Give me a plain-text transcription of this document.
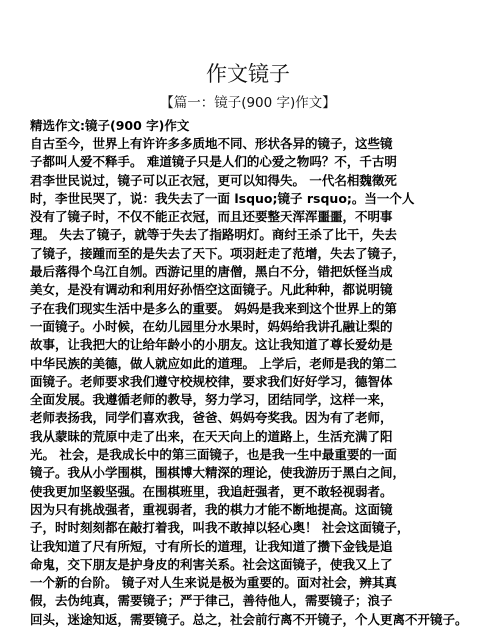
作文镜子
【篇一：镜子(900 字)作文】
精选作文:镜子(900 字)作文
自古至今，世界上有许许多多质地不同、形状各异的镜子，这些镜
子都叫人爱不释手。 难道镜子只是人们的心爱之物吗？不，千古明
君李世民说过，镜子可以正衣冠，更可以知得失。 一代名相魏徵死
时，李世民哭了，说：我失去了一面 lsquo;镜子 rsquo;。当一个人
没有了镜子时，不仅不能正衣冠，而且还要整天浑浑噩噩，不明事
理。 失去了镜子，就等于失去了指路明灯。商纣王杀了比干，失去
了镜子，接踵而至的是失去了天下。项羽赶走了范增，失去了镜子，
最后落得个乌江自刎。西游记里的唐僧，黑白不分，错把妖怪当成
美女，是没有调动和利用好孙悟空这面镜子。凡此种种，都说明镜
子在我们现实生活中是多么的重要。 妈妈是我来到这个世界上的第
一面镜子。小时候，在幼儿园里分水果时，妈妈给我讲孔融让梨的
故事，让我把大的让给年龄小的小朋友。这让我知道了尊长爱幼是
中华民族的美德，做人就应如此的道理。 上学后，老师是我的第二
面镜子。老师要求我们遵守校规校律，要求我们好好学习，德智体
全面发展。我遵循老师的教导，努力学习，团结同学，这样一来，
老师表扬我，同学们喜欢我，爸爸、妈妈夸奖我。因为有了老师，
我从蒙昧的荒原中走了出来，在天天向上的道路上，生活充满了阳
光。 社会，是我成长中的第三面镜子，也是我一生中最重要的一面
镜子。我从小学围棋，围棋博大精深的理论，使我游历于黑白之间，
使我更加坚毅坚强。在围棋班里，我追赶强者，更不敢轻视弱者。
因为只有挑战强者，重视弱者，我的棋力才能不断地提高。这面镜
子，时时刻刻都在敲打着我，叫我不敢掉以轻心奥！ 社会这面镜子，
让我知道了尺有所短，寸有所长的道理，让我知道了攒下金钱是追
命鬼，交下朋友是护身皮的利害关系。社会这面镜子，使我又上了
一个新的台阶。 镜子对人生来说是极为重要的。面对社会，辨其真
假，去伪纯真，需要镜子；严于律己，善待他人，需要镜子；浪子
回头，迷途知返，需要镜子。总之，社会前行离不开镜子，个人更离不开镜子。
